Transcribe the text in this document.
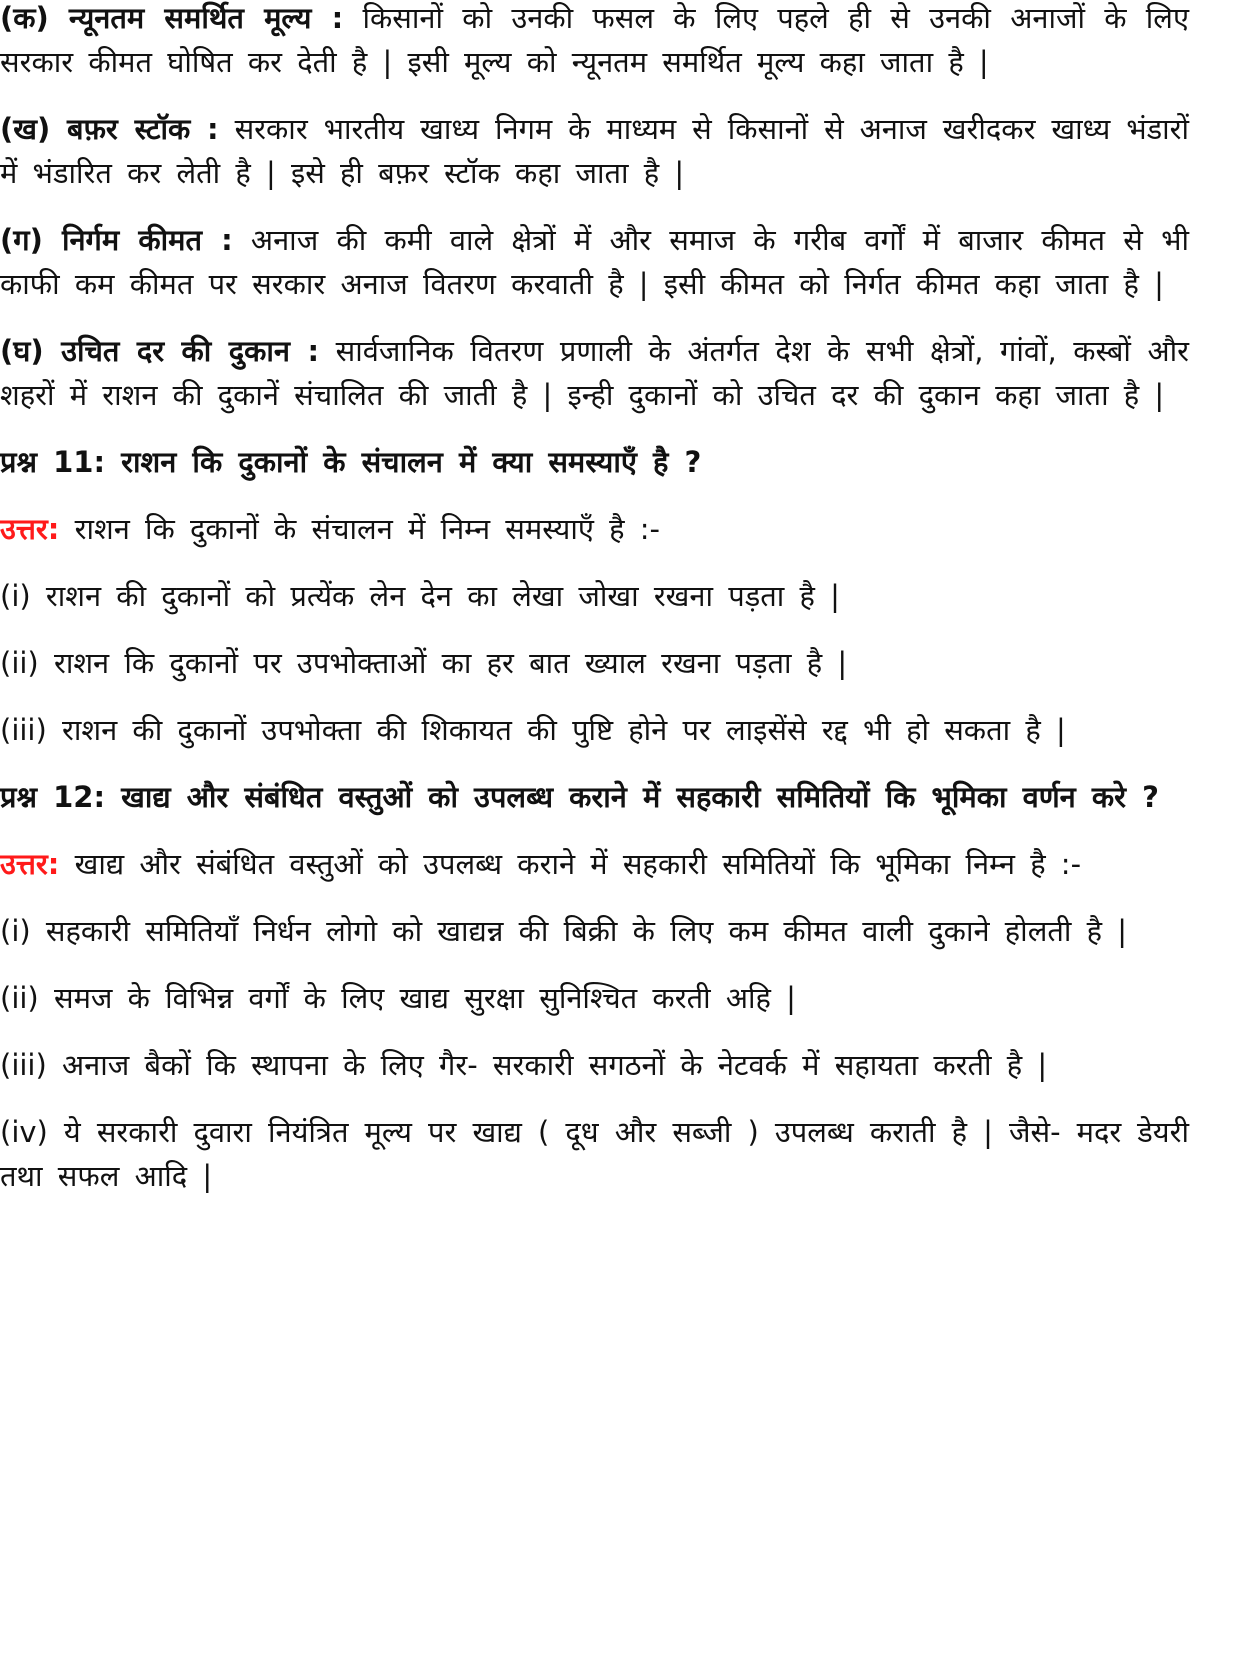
(क) न्यूनतम समर्थित मूल्य : किसानों को उनकी फसल के लिए पहले ही से उनकी अनाजों के लिए सरकार कीमत घोषित कर देती है | इसी मूल्य को न्यूनतम समर्थित मूल्य कहा जाता है |

(ख) बफ़र स्टॉक : सरकार भारतीय खाध्य निगम के माध्यम से किसानों से अनाज खरीदकर खाध्य भंडारों में भंडारित कर लेती है | इसे ही बफ़र स्टॉक कहा जाता है |

(ग) निर्गम कीमत : अनाज की कमी वाले क्षेत्रों में और समाज के गरीब वर्गों में बाजार कीमत से भी काफी कम कीमत पर सरकार अनाज वितरण करवाती है | इसी कीमत को निर्गत कीमत कहा जाता है |

(घ) उचित दर की दुकान : सार्वजानिक वितरण प्रणाली के अंतर्गत देश के सभी क्षेत्रों, गांवों, कस्बों और शहरों में राशन की दुकानें संचालित की जाती है | इन्ही दुकानों को उचित दर की दुकान कहा जाता है |

प्रश्न 11: राशन कि दुकानों के संचालन में क्या समस्याएँ है ?

उत्तर: राशन कि दुकानों के संचालन में निम्न समस्याएँ है :-

(i) राशन की दुकानों को प्रत्येंक लेन देन का लेखा जोखा रखना पड़ता है |

(ii) राशन कि दुकानों पर उपभोक्ताओं का हर बात ख्याल रखना पड़ता है |

(iii) राशन की दुकानों उपभोक्ता की शिकायत की पुष्टि होने पर लाइसेंसे रद्द भी हो सकता है |

प्रश्न 12: खाद्य और संबंधित वस्तुओं को उपलब्ध कराने में सहकारी समितियों कि भूमिका वर्णन करे ?

उत्तर: खाद्य और संबंधित वस्तुओं को उपलब्ध कराने में सहकारी समितियों कि भूमिका निम्न है :-

(i) सहकारी समितियाँ निर्धन लोगो को खाद्यन्न की बिक्री के लिए कम कीमत वाली दुकाने होलती है |

(ii) समज के विभिन्न वर्गों के लिए खाद्य सुरक्षा सुनिश्चित करती अहि |

(iii) अनाज बैकों कि स्थापना के लिए गैर- सरकारी सगठनों के नेटवर्क में सहायता करती है |

(iv) ये सरकारी दुवारा नियंत्रित मूल्य पर खाद्य ( दूध और सब्जी ) उपलब्ध कराती है | जैसे- मदर डेयरी तथा सफल आदि |
